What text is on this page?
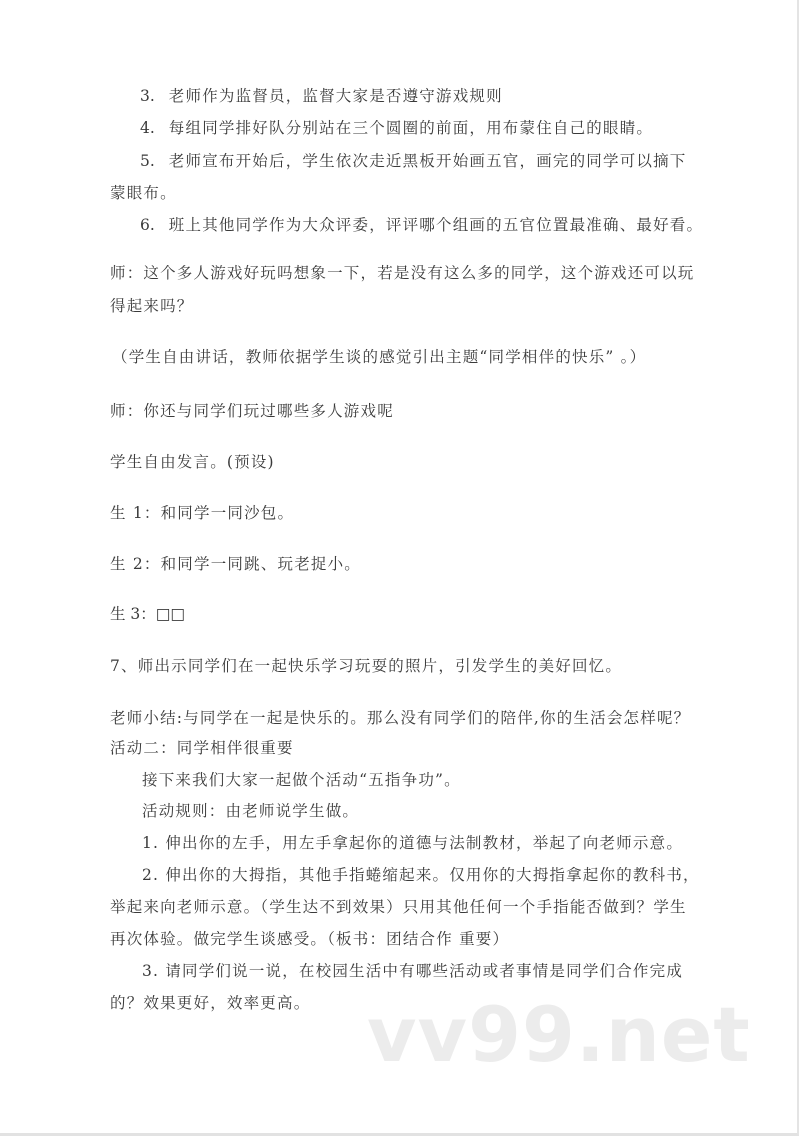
3. 老师作为监督员，监督大家是否遵守游戏规则
4. 每组同学排好队分别站在三个圆圈的前面，用布蒙住自己的眼睛。
5. 老师宣布开始后，学生依次走近黑板开始画五官，画完的同学可以摘下
蒙眼布。
6. 班上其他同学作为大众评委，评评哪个组画的五官位置最准确、最好看。
师：这个多人游戏好玩吗想象一下，若是没有这么多的同学，这个游戏还可以玩
得起来吗？
（学生自由讲话，教师依据学生谈的感觉引出主题“同学相伴的快乐” 。）
师：你还与同学们玩过哪些多人游戏呢
学生自由发言。(预设)
生 1：和同学一同沙包。
生 2：和同学一同跳、玩老捉小。
生 3：□□
7、师出示同学们在一起快乐学习玩耍的照片，引发学生的美好回忆。
老师小结:与同学在一起是快乐的。那么没有同学们的陪伴,你的生活会怎样呢？
活动二：同学相伴很重要
接下来我们大家一起做个活动“五指争功”。
活动规则：由老师说学生做。
1. 伸出你的左手，用左手拿起你的道德与法制教材，举起了向老师示意。
2. 伸出你的大拇指，其他手指蜷缩起来。仅用你的大拇指拿起你的教科书，
举起来向老师示意。（学生达不到效果）只用其他任何一个手指能否做到？学生
再次体验。做完学生谈感受。（板书：团结合作 重要）
3. 请同学们说一说，在校园生活中有哪些活动或者事情是同学们合作完成
的？效果更好，效率更高。 vv99.net
